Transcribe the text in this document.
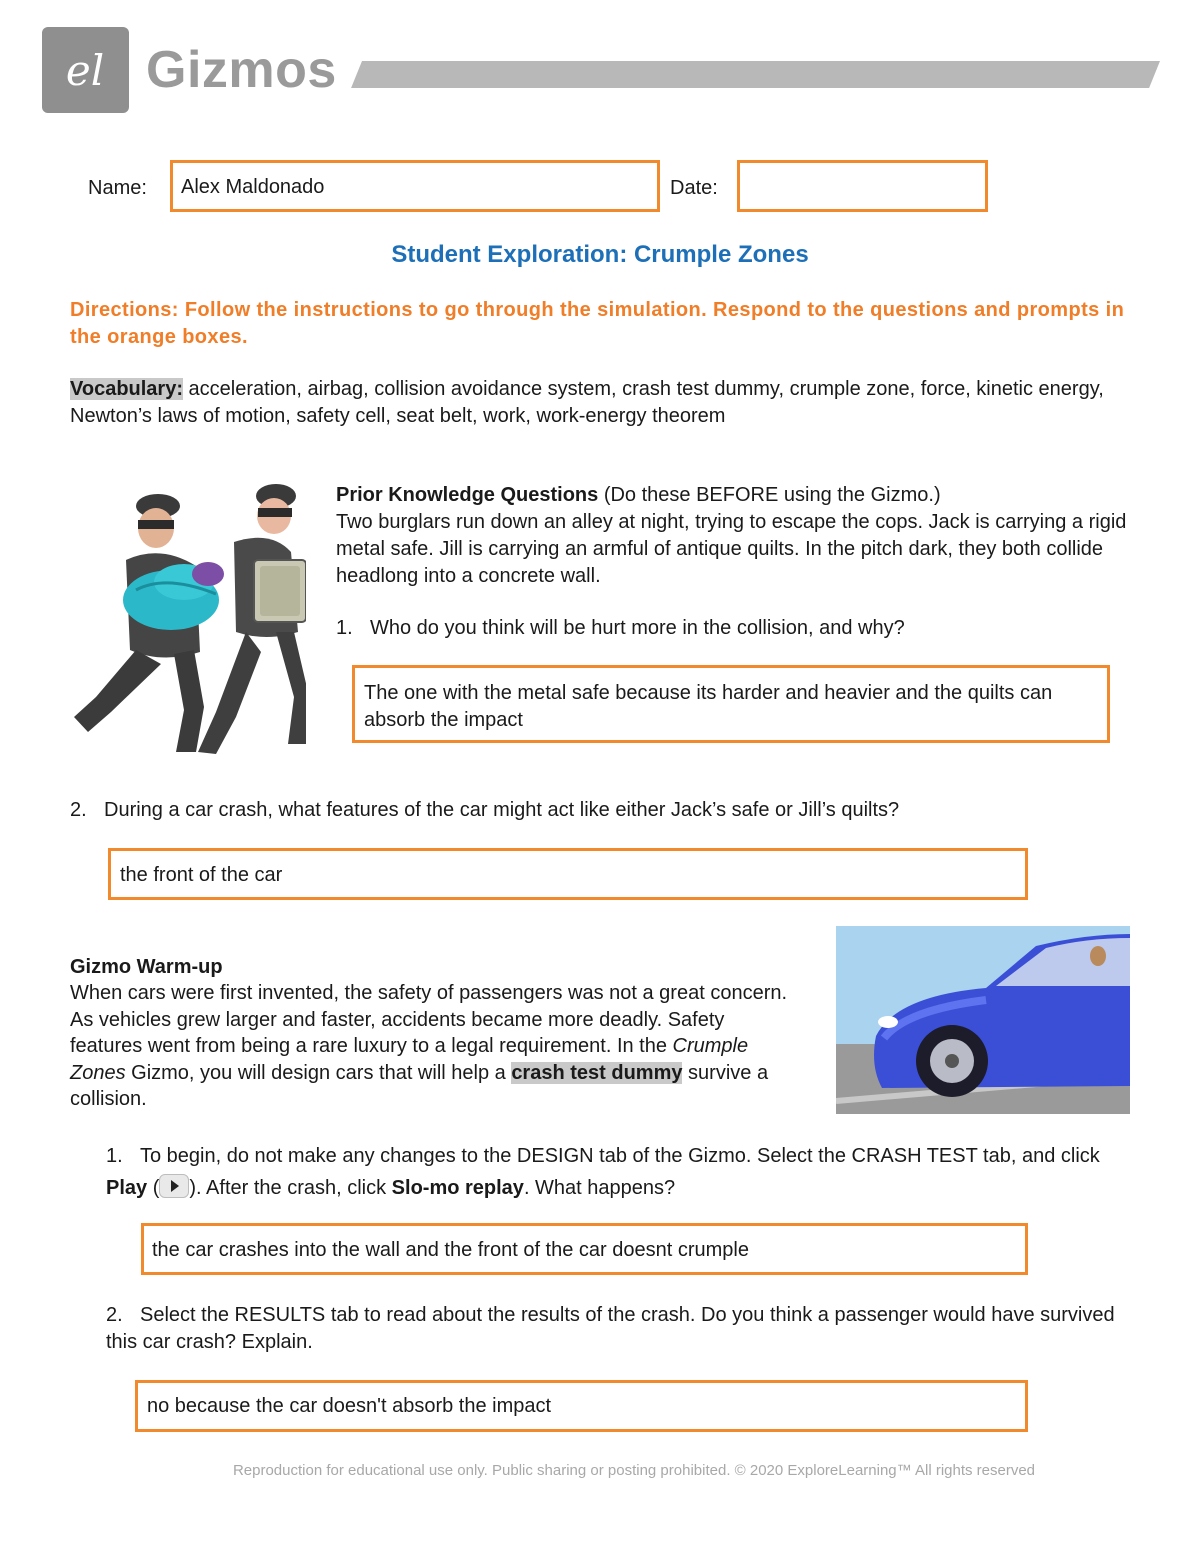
el Gizmos
Name: Alex Maldonado	Date:
Student Exploration: Crumple Zones
Directions: Follow the instructions to go through the simulation. Respond to the questions and prompts in the orange boxes.
Vocabulary: acceleration, airbag, collision avoidance system, crash test dummy, crumple zone, force, kinetic energy, Newton’s laws of motion, safety cell, seat belt, work, work-energy theorem
Prior Knowledge Questions (Do these BEFORE using the Gizmo.)
Two burglars run down an alley at night, trying to escape the cops. Jack is carrying a rigid metal safe. Jill is carrying an armful of antique quilts. In the pitch dark, they both collide headlong into a concrete wall.
1. Who do you think will be hurt more in the collision, and why?
The one with the metal safe because its harder and heavier and the quilts can absorb the impact
2. During a car crash, what features of the car might act like either Jack’s safe or Jill’s quilts?
the front of the car
Gizmo Warm-up
When cars were first invented, the safety of passengers was not a great concern. As vehicles grew larger and faster, accidents became more deadly. Safety features went from being a rare luxury to a legal requirement. In the Crumple Zones Gizmo, you will design cars that will help a crash test dummy survive a collision.
1. To begin, do not make any changes to the DESIGN tab of the Gizmo. Select the CRASH TEST tab, and click Play ( ). After the crash, click Slo-mo replay. What happens?
the car crashes into the wall and the front of the car doesnt crumple
2. Select the RESULTS tab to read about the results of the crash. Do you think a passenger would have survived this car crash? Explain.
no because the car doesn't absorb the impact
Reproduction for educational use only. Public sharing or posting prohibited. © 2020 ExploreLearning™ All rights reserved
